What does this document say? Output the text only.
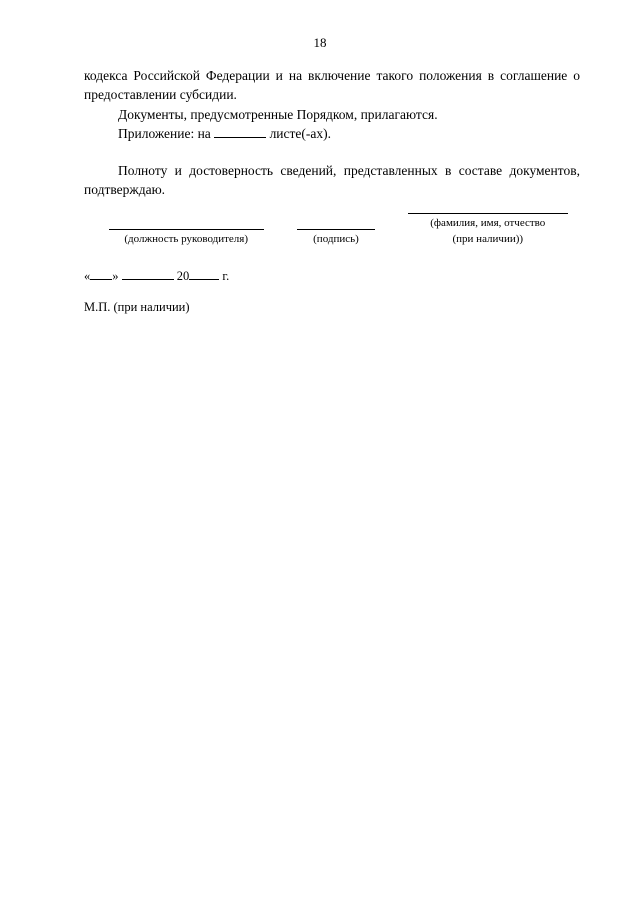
18

кодекса Российской Федерации и на включение такого положения в соглашение о предоставлении субсидии.

Документы, предусмотренные Порядком, прилагаются.

Приложение: на	листе(-ах).

Полноту и достоверность сведений, представленных в составе документов, подтверждаю.

(должность руководителя)	(подпись)
(фамилия, имя, отчество
(при наличии))
« »	20	г.
М.П. (при наличии)
